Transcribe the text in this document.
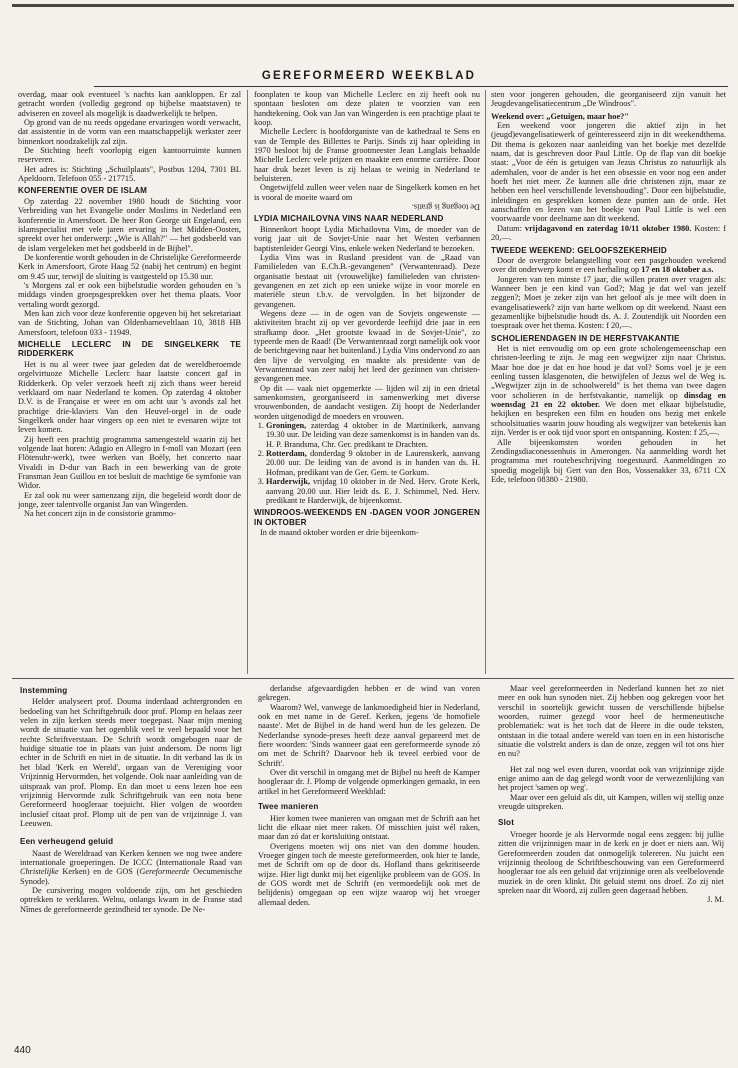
GEREFORMEERD WEEKBLAD

overdag, maar ook eventueel 's nachts kan aankloppen. Er zal getracht worden (volledig gegrond op bijbelse maatstaven) te adviseren en zoveel als mogelijk is daadwerkelijk te helpen.

Op grond van de nu reeds opgedane ervaringen wordt verwacht, dat assistentie in de vorm van een maatschappelijk werkster zeer binnenkort noodzakelijk zal zijn.

De Stichting heeft voorlopig eigen kantoorruimte kunnen reserveren.

Het adres is: Stichting „Schuilplaats", Postbus 1204, 7301 BL Apeldoorn. Telefoon 055 - 217715.

KONFERENTIE OVER DE ISLAM

Op zaterdag 22 november 1980 houdt de Stichting voor Verbreiding van het Evangelie onder Moslims in Nederland een konferentie in Amersfoort. De heer Ron George uit Engeland, een islamspecialist met vele jaren ervaring in het Midden-Oosten, spreekt over het onderwerp: „Wie is Allah?" — het godsbeeld van de islam vergeleken met het godsbeeld in de Bijbel".

De konferentie wordt gehouden in de Christelijke Gereformeerde Kerk in Amersfoort, Grote Haag 52 (nabij het centrum) en begint om 9.45 uur, terwijl de sluiting is vastgesteld op 15.30 uur.

's Morgens zal er ook een bijbelstudie worden gehouden en 's middags vinden groepsgesprekken over het thema plaats. Voor vertaling wordt gezorgd.

Men kan zich voor deze konferentie opgeven bij het sekretariaat van de Stichting, Johan van Oldenbarneveltlaan 10, 3818 HB Amersfoort, telefoon 033 - 11949.

MICHELLE LECLERC IN DE SINGELKERK TE RIDDERKERK

Het is nu al weer twee jaar geleden dat de wereldberoemde orgelvirtuoze Michelle Leclerc haar laatste concert gaf in Ridderkerk. Op veler verzoek heeft zij zich thans weer bereid verklaard om naar Nederland te komen. Op zaterdag 4 oktober D.V. is de Française er weer en om acht uur 's avonds zal het prachtige drie-klaviers Van den Heuvel-orgel in de oude Singelkerk onder haar vingers op een niet te evenaren wijze tot leven komen.

Zij heeft een prachtig programma samengesteld waarin zij het volgende laat horen: Adagio en Allegro in f-moll van Mozart (een Flötenuhr-werk), twee werken van Boëly, het concerto naar Vivaldi in D-dur van Bach in een bewerking van de grote Fransman Jean Guillou en tot besluit de machtige 6e symfonie van Widor.

Er zal ook nu weer samenzang zijn, die begeleid wordt door de jonge, zeer talentvolle organist Jan van Wingerden.

Na het concert zijn in de consistorie grammo-

foonplaten te koop van Michelle Leclerc en zij heeft ook nu spontaan besloten om deze platen te voorzien van een handtekening. Ook van Jan van Wingerden is een prachtige plaat te koop.

Michelle Leclerc is hoofdorganiste van de kathedraal te Sens en van de Temple des Billettes te Parijs. Sinds zij haar opleiding in 1970 besloot bij de Franse grootmeester Jean Langlais behaalde Michelle Leclerc vele prijzen en maakte een enorme carrière. Door haar druk bezet leven is zij helaas te weinig in Nederland te beluisteren.

Ongetwijfeld zullen weer velen naar de Singelkerk komen en het is vooral de moeite waard om

De toegang is gratis.

LYDIA MICHAILOVNA VINS NAAR NEDERLAND

Binnenkort hoopt Lydia Michailovna Vins, de moeder van de vorig jaar uit de Sovjet-Unie naar het Westen verbannen baptistenleider Georgi Vins, enkele weken Nederland te bezoeken.

Lydia Vins was in Rusland president van de „Raad van Familieleden van E.Ch.B.-gevangenen" (Verwantenraad). Deze organisatie bestaat uit (vrouwelijke) familieleden van christen-gevangenen en zet zich op een unieke wijze in voor morele en materiële steun t.b.v. de vervolgden. In het bijzonder de gevangenen.

Wegens deze — in de ogen van de Sovjets ongewenste — aktiviteiten bracht zij op ver gevorderde leeftijd drie jaar in een strafkamp door. „Het grootste kwaad in de Sovjet-Unie", zo typeerde men de Raad! (De Verwantenraad zorgt namelijk ook voor de berichtgeving naar het buitenland.) Lydia Vins ondervond zo aan den lijve de vervolging en maakte als presidente van de Verwantenraad van zeer nabij het leed der gezinnen van christen-gevangenen mee.

Op dit — vaak niet opgemerkte — lijden wil zij in een drietal samenkomsten, georganiseerd in samenwerking met diverse vrouwenbonden, de aandacht vestigen. Zij hoopt de Nederlander worden uitgenodigd de moeders en vrouwen.

1. Groningen, zaterdag 4 oktober in de Martinikerk, aanvang 19.30 uur. De leiding van deze samenkomst is in handen van ds. H. P. Brandsma, Chr. Ger. predikant te Drachten.
2. Rotterdam, donderdag 9 oktober in de Laurenskerk, aanvang 20.00 uur. De leiding van de avond is in handen van ds. H. Hofman, predikant van de Ger. Gem. te Gorkum.
3. Harderwijk, vrijdag 10 oktober in de Ned. Herv. Grote Kerk, aanvang 20.00 uur. Hier leidt ds. E. J. Schimmel, Ned. Herv. predikant te Harderwijk, de bijeenkomst.
WINDROOS-WEEKENDS EN -DAGEN VOOR JONGEREN IN OKTOBER

In de maand oktober worden er drie bijeenkom-

sten voor jongeren gehouden, die georganiseerd zijn vanuit het Jeugdevangelisatiecentrum „De Windroos".

Weekend over: „Getuigen, maar hoe?"

Een weekend voor jongeren die aktief zijn in het (jeugd)evangelisatiewerk of geïnteresseerd zijn in dit weekendthema. Dit thema is gekozen naar aanleiding van het boekje met dezelfde naam, dat is geschreven door Paul Little. Op de flap van dit boekje staat: „Voor de één is getuigen van Jezus Christus zo natuurlijk als ademhalen, voor de ander is het een obsessie en voor nog een ander hoeft het niet meer. Ze kunnen alle drie christenen zijn, maar ze hebben een heel verschillende levenshouding". Door een bijbelstudie, inleidingen en gesprekken komen deze punten aan de orde. Het aanschaffen en lezen van het boekje van Paul Little is wel een voorwaarde voor deelname aan dit weekend.

Datum: vrijdagavond en zaterdag 10/11 oktober 1980. Kosten: f 20,—.

TWEEDE WEEKEND: GELOOFSZEKERHEID

Door de overgrote belangstelling voor een pasgehouden weekend over dit onderwerp komt er een herhaling op 17 en 18 oktober a.s.

Jongeren van ten minste 17 jaar, die willen praten over vragen als: Wanneer ben je een kind van God?; Mag je dat wel van jezelf zeggen?; Moet je zeker zijn van het geloof als je mee wilt doen in evangelisatiewerk? zijn van harte welkom op dit weekend. Naast een gezamenlijke bijbelstudie houdt ds. A. J. Zoutendijk uit Noorden een toespraak over het thema. Kosten: f 20,—.

SCHOLIERENDAGEN IN DE HERFSTVAKANTIE

Het is niet eenvoudig om op een grote scholengemeenschap een christen-leerling te zijn. Je mag een wegwijzer zijn naar Christus. Maar hoe doe je dat en hoe houd je dat vol? Soms voel je je een eenling tussen klasgenoten, die betwijfelen of Jezus wel de Weg is. „Wegwijzer zijn in de schoolwereld" is het thema van twee dagen voor scholieren in de herfstvakantie, namelijk op dinsdag en woensdag 21 en 22 oktober. We doen met elkaar bijbelstudie, bekijken en bespreken een film en houden ons bezig met enkele schoolsituaties waarin jouw houding als wegwijzer van betekenis kan zijn. Verder is er ook tijd voor sport en ontspanning. Kosten: f 25,—.

Alle bijeenkomsten worden gehouden in het Zendingsdiaconessenhuis in Amerongen. Na aanmelding wordt het programma met routebeschrijving toegestuurd. Aanmeldingen zo spoedig mogelijk bij Gert van den Bos, Vossenakker 33, 6711 CX Ede, telefoon 08380 - 21980.

Instemming

Helder analyseert prof. Douma inderdaad achtergronden en bedoeling van het Schriftgebruik door prof. Plomp en helaas zeer velen in zijn kerken steeds meer toegepast. Naar mijn mening wordt de situatie van het ogenblik veel te veel bepaald voor het rechte Schriftverstaan. De Schrift wordt omgebogen naar de huidige situatie toe in plaats van juist andersom. De norm ligt echter in de Schrift en niet in de situatie. In dit verband las ik in het blad 'Kerk en Wereld', orgaan van de Vereniging voor Vrijzinnig Hervormden, het volgende. Ook naar aanleiding van de uitspraak van prof. Plomp. En dan moet u eens lezen hoe een vrijzinnig Hervormde zulk Schriftgebruik van een nota bene Gereformeerd hoogleraar toejuicht. Hier volgen de woorden inclusief citaat prof. Plomp uit de pen van de vrijzinnige J. van Leeuwen.

Een verheugend geluid

Naast de Wereldraad van Kerken kennen we nog twee andere internationale groeperingen. De ICCC (Internationale Raad van Christelijke Kerken) en de GOS (Gereformeerde Oecumenische Synode).

De cursivering mogen voldoende zijn, om het geschieden optrekken te verklaren. Welnu, onlangs kwam in de Franse stad Nîmes de gereformeerde gezindheid ter synode. De Ne-

derlandse afgevaardigden hebben er de wind van voren gekregen.

Waarom? Wel, vanwege de lankmoedigheid hier in Nederland, ook en met name in de Geref. Kerken, jegens 'de homofiele naaste'. Met de Bijbel in de hand werd hun de les gelezen. De Nederlandse synode-preses heeft deze aanval gepareerd met de fiere woorden: 'Sinds wanneer gaat een gereformeerde synode zó om met de Schrift? Daarvoor heb ik teveel eerbied voor de Schrift'.

Over dit verschil in omgang met de Bijbel nu heeft de Kamper hoogleraar dr. J. Plomp de volgende opmerkingen gemaakt, in een artikel in het Gereformeerd Weekblad:

Twee manieren

Hier komen twee manieren van omgaan met de Schrift aan het licht die elkaar niet meer raken. Of misschien juist wél raken, maar dan zó dat er kortsluiting ontstaat.

Overigens moeten wij ons niet van den domme houden. Vroeger gingen toch de meeste gereformeerden, ook hier te lande, met de Schrift om op de door ds. Hofland thans gekritiseerde wijze. Hier ligt dunkt mij het eigenlijke probleem van de GOS. In de GOS wordt met de Schrift (en vermoedelijk ook met de belijdenis) omgegaan op een wijze waarop wij het vroeger allemaal deden.

Maar veel gereformeerden in Nederland kunnen het zo niet meer en ook hun synoden niet. Zij hebben oog gekregen voor het verschil in soortelijk gewicht tussen de verschillende bijbelse woorden, ruimer gezegd voor heel de hermeneutische problematiek: wat is het toch dat de Heere in die oude teksten, ontstaan in die totaal andere wereld van toen en in een historische situatie die volstrekt anders is dan de onze, zeggen wil tot ons hier en nu?

Het zal nog wel even duren, voordat ook van vrijzinnige zijde enige animo aan de dag gelegd wordt voor de verwezenlijking van het project 'samen op weg'.

Maar over een geluid als dit, uit Kampen, willen wij stellig onze vreugde uitspreken.

Slot

Vroeger hoorde je als Hervormde nogal eens zeggen: bij jullie zitten die vrijzinnigen maar in de kerk en je doet er niets aan. Wij Gereformeerden zouden dat onmogelijk tolereren. Nu juicht een vrijzinnig theoloog de Schriftbeschouwing van een Gereformeerd hoogleraar toe als een geluid dat vrijzinnige oren als veelbelovende muziek in de oren klinkt. Dit geluid stemt ons droef. Zo zij niet spreken naar dit Woord, zij zullen geen dageraad hebben.

J. M.

440
